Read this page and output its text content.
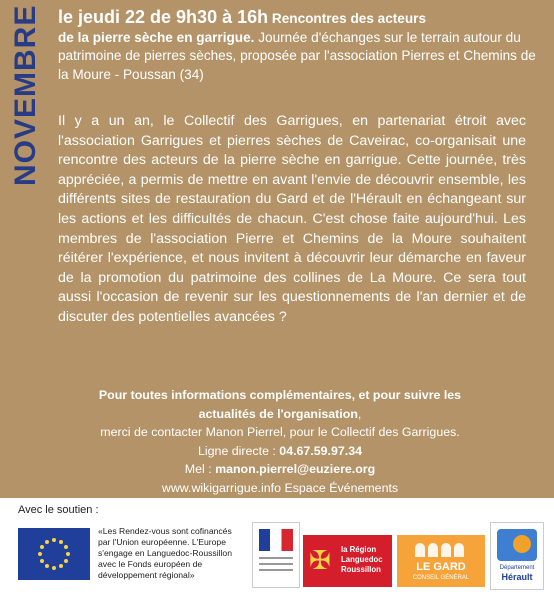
NOVEMBRE le jeudi 22 de 9h30 à 16h Rencontres des acteurs
de la pierre sèche en garrigue. Journée d'échanges sur le terrain autour du patrimoine de pierres sèches, proposée par l'association Pierres et Chemins de la Moure - Poussan (34)
Il y a un an, le Collectif des Garrigues, en partenariat étroit avec l'association Garrigues et pierres sèches de Caveirac, co-organisait une rencontre des acteurs de la pierre sèche en garrigue. Cette journée, très appréciée, a permis de mettre en avant l'envie de découvrir ensemble, les différents sites de restauration du Gard et de l'Hérault en échangeant sur les actions et les difficultés de chacun. C'est chose faite aujourd'hui. Les membres de l'association Pierre et Chemins de la Moure souhaitent réitérer l'expérience, et nous invitent à découvrir leur démarche en faveur de la promotion du patrimoine des collines de La Moure. Ce sera tout aussi l'occasion de revenir sur les questionnements de l'an dernier et de discuter des potentielles avancées ?
Pour toutes informations complémentaires, et pour suivre les
actualités de l'organisation,
merci de contacter Manon Pierrel, pour le Collectif des Garrigues.
Ligne directe : 04.67.59.97.34
Mel : manon.pierrel@euziere.org
www.wikigarrigue.info Espace Événements
Avec le soutien :
«Les Rendez-vous sont cofinancés par l'Union européenne. L'Europe s'engage en Languedoc-Roussillon avec le Fonds européen de développement régional»	✠ la Région
Languedoc
Roussillon	LE GARD
CONSEIL GÉNÉRAL
Département
Hérault
